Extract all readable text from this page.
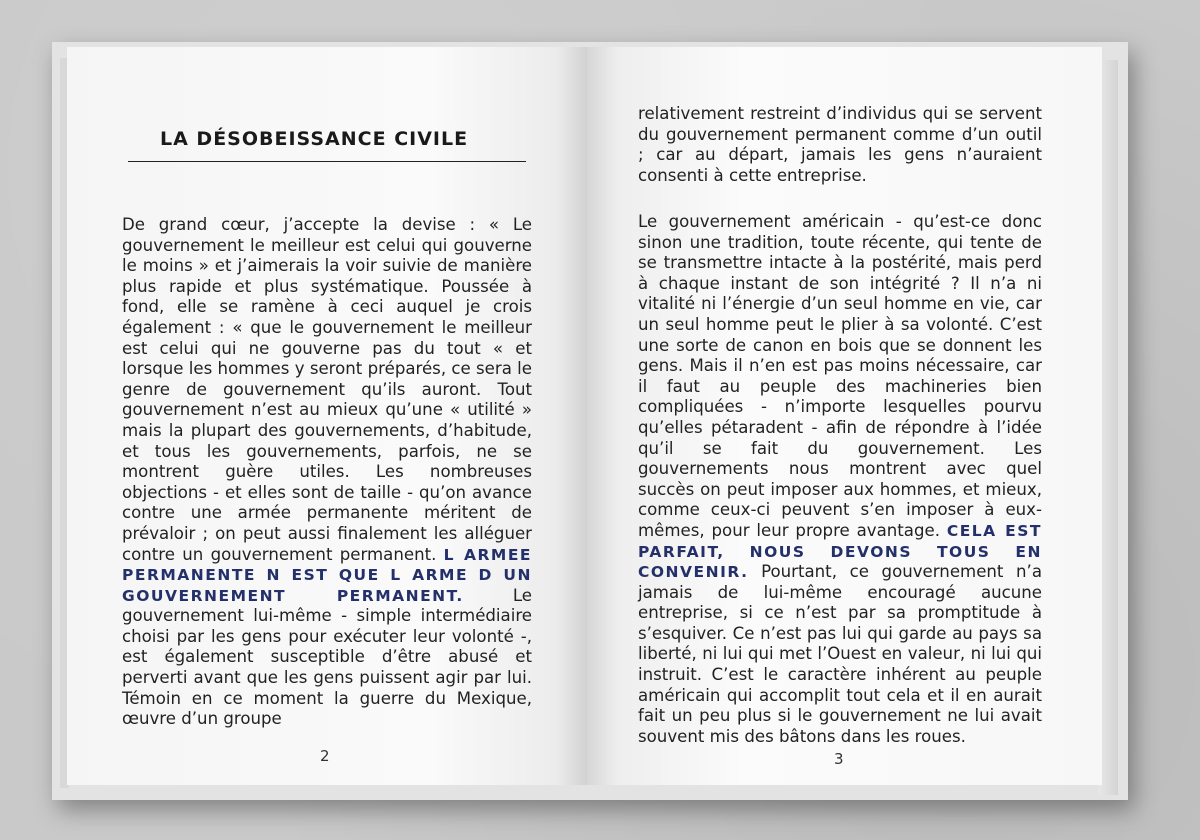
LA DÉSOBEISSANCE CIVILE

De grand cœur, j’accepte la devise : « Le gouvernement le meilleur est celui qui gouverne le moins » et j’aimerais la voir suivie de manière plus rapide et plus systématique. Poussée à fond, elle se ramène à ceci auquel je crois également : « que le gouvernement le meilleur est celui qui ne gouverne pas du tout « et lorsque les hommes y seront préparés, ce sera le genre de gouvernement qu’ils auront. Tout gouvernement n’est au mieux qu’une « utilité » mais la plupart des gouvernements, d’habitude, et tous les gouvernements, parfois, ne se montrent guère utiles. Les nombreuses objections - et elles sont de taille - qu’on avance contre une armée permanente méritent de prévaloir ; on peut aussi finalement les alléguer contre un gouvernement permanent. L ARMEE PERMANENTE N EST QUE L ARME D UN GOUVERNEMENT PERMANENT. Le gouvernement lui-même - simple intermédiaire choisi par les gens pour exécuter leur volonté -, est également susceptible d’être abusé et perverti avant que les gens puissent agir par lui. Témoin en ce moment la guerre du Mexique, œuvre d’un groupe

relativement restreint d’individus qui se servent du gouvernement permanent comme d’un outil ; car au départ, jamais les gens n’auraient consenti à cette entreprise.

Le gouvernement américain - qu’est-ce donc sinon une tradition, toute récente, qui tente de se transmettre intacte à la postérité, mais perd à chaque instant de son intégrité ? Il n’a ni vitalité ni l’énergie d’un seul homme en vie, car un seul homme peut le plier à sa volonté. C’est une sorte de canon en bois que se donnent les gens. Mais il n’en est pas moins nécessaire, car il faut au peuple des machineries bien compliquées - n’importe lesquelles pourvu qu’elles pétaradent - afin de répondre à l’idée qu’il se fait du gouvernement. Les gouvernements nous montrent avec quel succès on peut imposer aux hommes, et mieux, comme ceux-ci peuvent s’en imposer à eux-mêmes, pour leur propre avantage. CELA EST PARFAIT, NOUS DEVONS TOUS EN CONVENIR. Pourtant, ce gouvernement n’a jamais de lui-même encouragé aucune entreprise, si ce n’est par sa promptitude à s’esquiver. Ce n’est pas lui qui garde au pays sa liberté, ni lui qui met l’Ouest en valeur, ni lui qui instruit. C’est le caractère inhérent au peuple américain qui accomplit tout cela et il en aurait fait un peu plus si le gouvernement ne lui avait souvent mis des bâtons dans les roues.

2	3
